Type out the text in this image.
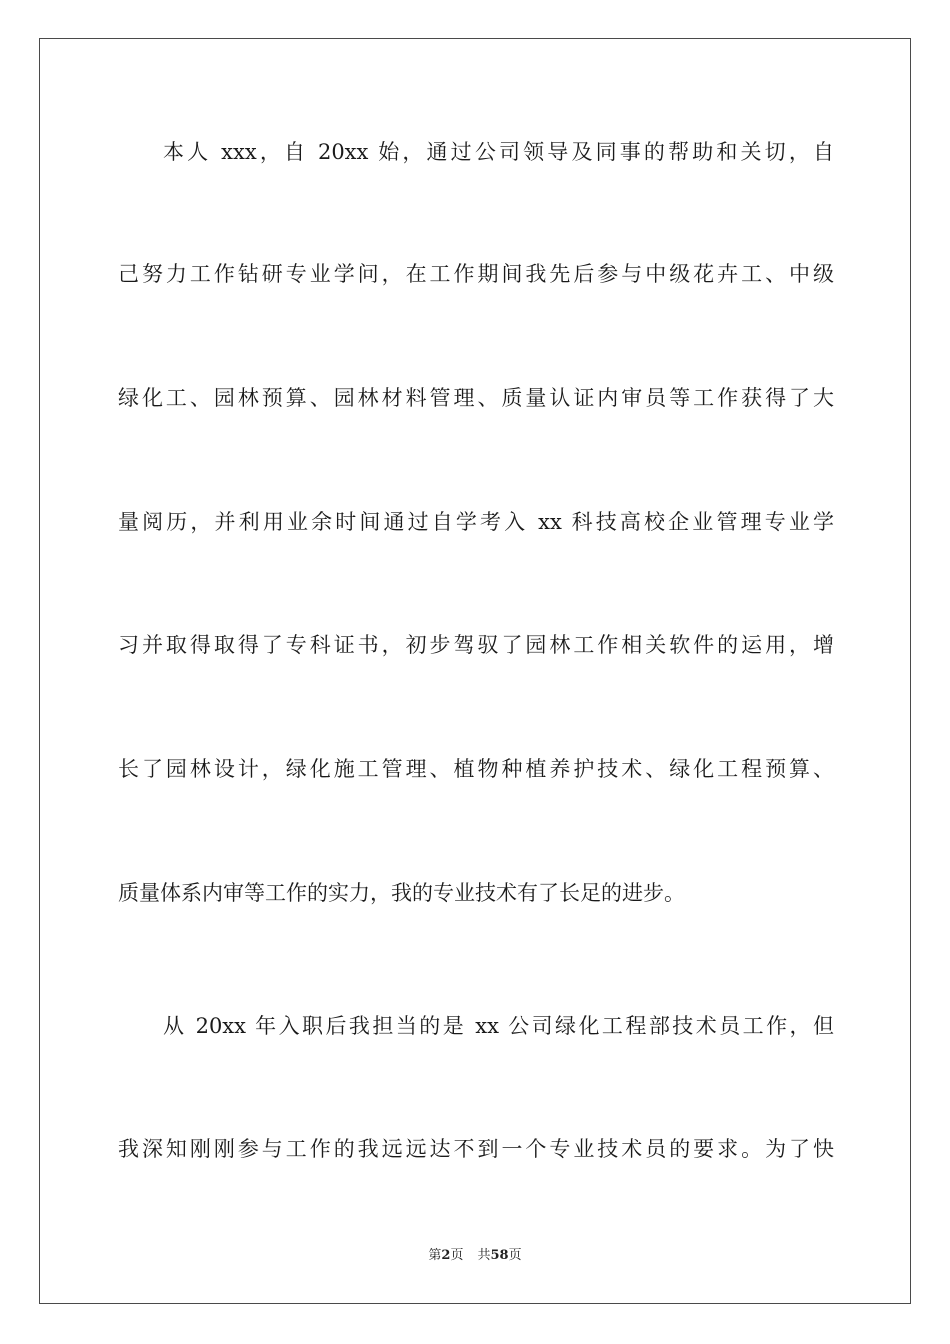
本人 xxx，自 20xx 始，通过公司领导及同事的帮助和关切，自
己努力工作钻研专业学问，在工作期间我先后参与中级花卉工、中级
绿化工、园林预算、园林材料管理、质量认证内审员等工作获得了大
量阅历，并利用业余时间通过自学考入 xx 科技高校企业管理专业学
习并取得取得了专科证书，初步驾驭了园林工作相关软件的运用，增
长了园林设计，绿化施工管理、植物种植养护技术、绿化工程预算、
质量体系内审等工作的实力，我的专业技术有了长足的进步。
从 20xx 年入职后我担当的是 xx 公司绿化工程部技术员工作，但
我深知刚刚参与工作的我远远达不到一个专业技术员的要求。为了快
第2页 共58页
